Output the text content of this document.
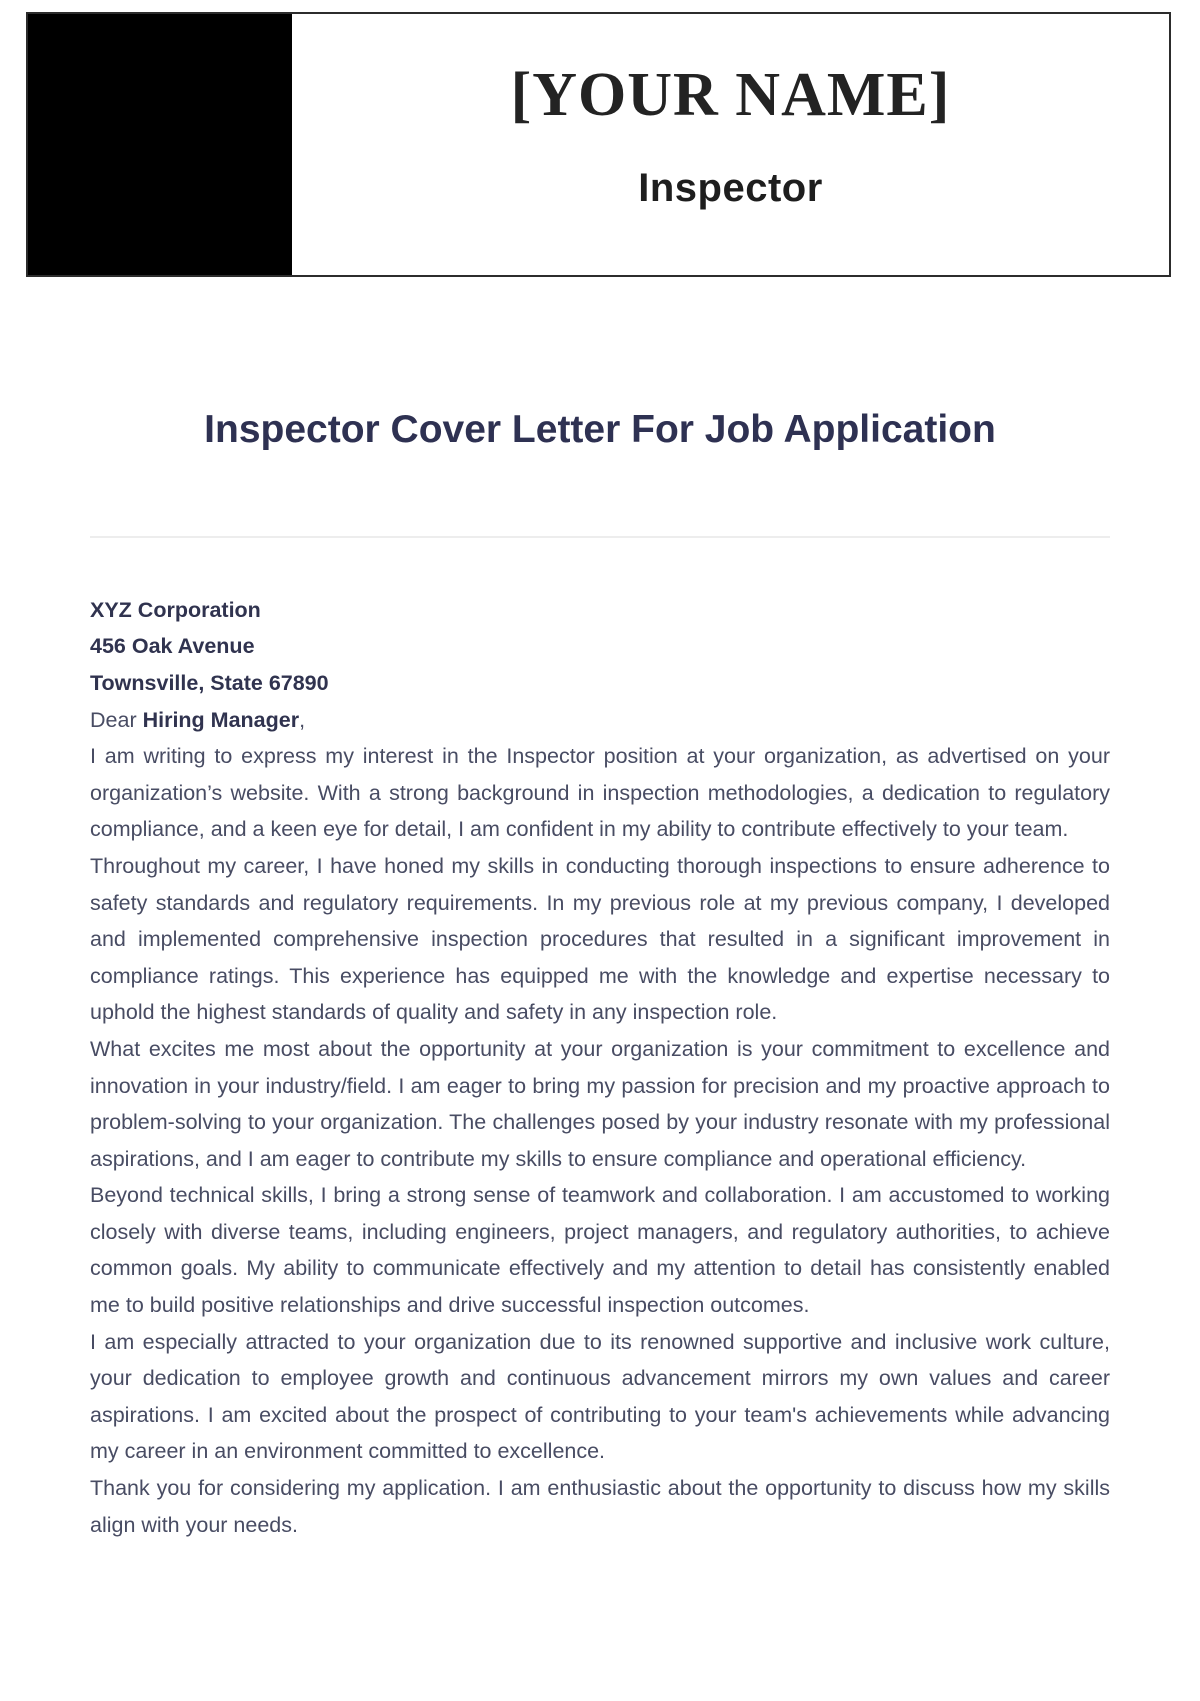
[YOUR NAME]
Inspector
Inspector Cover Letter For Job Application

XYZ Corporation

456 Oak Avenue

Townsville, State 67890

Dear Hiring Manager,

I am writing to express my interest in the Inspector position at your organization, as advertised on your organization’s website. With a strong background in inspection methodologies, a dedication to regulatory compliance, and a keen eye for detail, I am confident in my ability to contribute effectively to your team.

Throughout my career, I have honed my skills in conducting thorough inspections to ensure adherence to safety standards and regulatory requirements. In my previous role at my previous company, I developed and implemented comprehensive inspection procedures that resulted in a significant improvement in compliance ratings. This experience has equipped me with the knowledge and expertise necessary to uphold the highest standards of quality and safety in any inspection role.

What excites me most about the opportunity at your organization is your commitment to excellence and innovation in your industry/field. I am eager to bring my passion for precision and my proactive approach to problem-solving to your organization. The challenges posed by your industry resonate with my professional aspirations, and I am eager to contribute my skills to ensure compliance and operational efficiency.

Beyond technical skills, I bring a strong sense of teamwork and collaboration. I am accustomed to working closely with diverse teams, including engineers, project managers, and regulatory authorities, to achieve common goals. My ability to communicate effectively and my attention to detail has consistently enabled me to build positive relationships and drive successful inspection outcomes.

I am especially attracted to your organization due to its renowned supportive and inclusive work culture, your dedication to employee growth and continuous advancement mirrors my own values and career aspirations. I am excited about the prospect of contributing to your team's achievements while advancing my career in an environment committed to excellence.

Thank you for considering my application. I am enthusiastic about the opportunity to discuss how my skills align with your needs.
